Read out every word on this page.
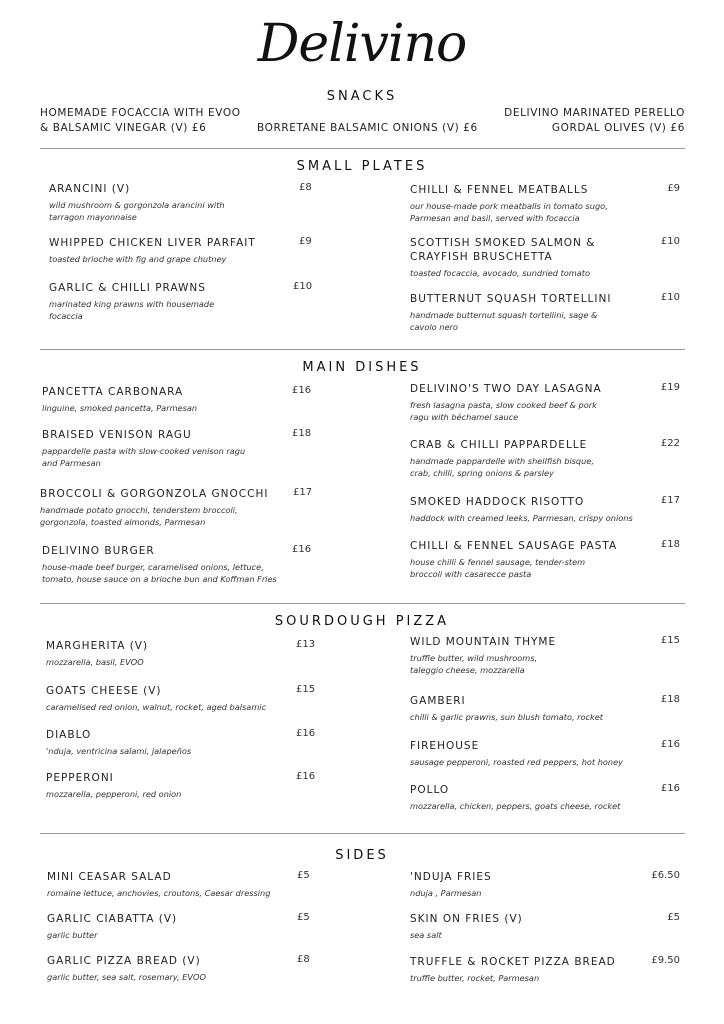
Delivino
SNACKS
HOMEMADE FOCACCIA WITH EVOO
& BALSAMIC VINEGAR (V) £6	BORRETANE BALSAMIC ONIONS (V) £6
DELIVINO MARINATED PERELLO
GORDAL OLIVES (V) £6
SMALL PLATES
ARANCINI (V)	£8
wild mushroom & gorgonzola arancini with tarragon mayonnaise
WHIPPED CHICKEN LIVER PARFAIT	£9
toasted brioche with fig and grape chutney
GARLIC & CHILLI PRAWNS	£10
marinated king prawns with housemade focaccia
CHILLI & FENNEL MEATBALLS	£9
our house-made pork meatballs in tomato sugo, Parmesan and basil, served with focaccia
SCOTTISH SMOKED SALMON & CRAYFISH BRUSCHETTA
£10
toasted focaccia, avocado, sundried tomato
BUTTERNUT SQUASH TORTELLINI	£10
handmade butternut squash tortellini, sage & cavolo nero
MAIN DISHES
PANCETTA CARBONARA	£16
linguine, smoked pancetta, Parmesan
BRAISED VENISON RAGU	£18
pappardelle pasta with slow-cooked venison ragu and Parmesan
BROCCOLI & GORGONZOLA GNOCCHI	£17
handmade potato gnocchi, tenderstem broccoli, gorgonzola, toasted almonds, Parmesan
DELIVINO BURGER	£16
house-made beef burger, caramelised onions, lettuce, tomato, house sauce on a brioche bun and Koffman Fries
DELIVINO'S TWO DAY LASAGNA	£19
fresh lasagna pasta, slow cooked beef & pork ragu with béchamel sauce
CRAB & CHILLI PAPPARDELLE	£22
handmade pappardelle with shellfish bisque, crab, chilli, spring onions & parsley
SMOKED HADDOCK RISOTTO	£17
haddock with creamed leeks, Parmesan, crispy onions
CHILLI & FENNEL SAUSAGE PASTA	£18
house chilli & fennel sausage, tender-stem broccoli with casarecce pasta
SOURDOUGH PIZZA
MARGHERITA (V)	£13
mozzarella, basil, EVOO
GOATS CHEESE (V)	£15
caramelised red onion, walnut, rocket, aged balsamic
DIABLO	£16
'nduja, ventricina salami, jalapeños
PEPPERONI	£16
mozzarella, pepperoni, red onion
WILD MOUNTAIN THYME	£15
truffle butter, wild mushrooms, taleggio cheese, mozzarella
GAMBERI	£18
chilli & garlic prawns, sun blush tomato, rocket
FIREHOUSE	£16
sausage pepperoni, roasted red peppers, hot honey
POLLO	£16
mozzarella, chicken, peppers, goats cheese, rocket
SIDES
MINI CEASAR SALAD	£5
romaine lettuce, anchovies, croutons, Caesar dressing
GARLIC CIABATTA (V)	£5
garlic butter
GARLIC PIZZA BREAD (V)	£8
garlic butter, sea salt, rosemary, EVOO
'NDUJA FRIES	£6.50
nduja , Parmesan
SKIN ON FRIES (V)	£5
sea salt
TRUFFLE & ROCKET PIZZA BREAD	£9.50
truffle butter, rocket, Parmesan
